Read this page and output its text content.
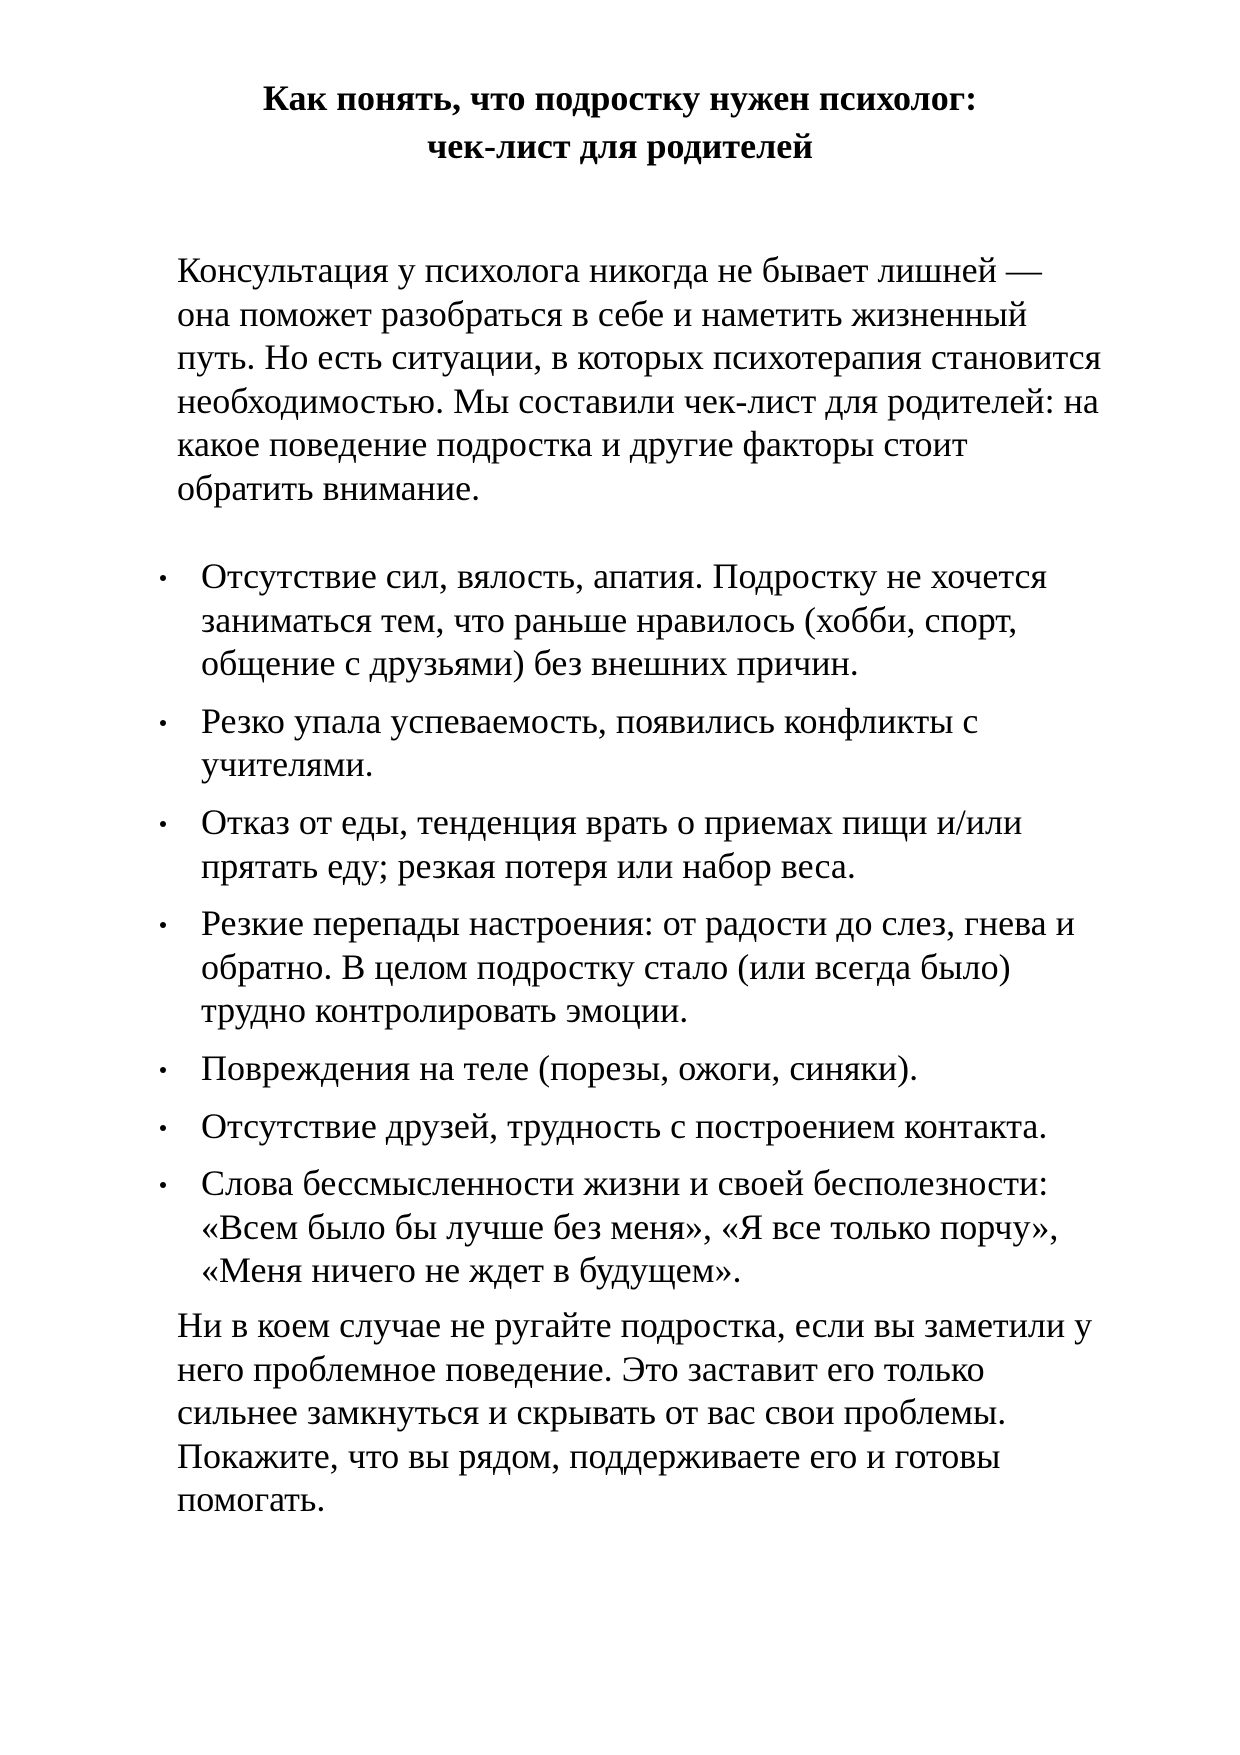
Как понять, что подростку нужен психолог:
чек-лист для родителей

Консультация у психолога никогда не бывает лишней —
она поможет разобраться в себе и наметить жизненный
путь. Но есть ситуации, в которых психотерапия становится
необходимостью. Мы составили чек-лист для родителей: на
какое поведение подростка и другие факторы стоит
обратить внимание.

Отсутствие сил, вялость, апатия. Подростку не хочется
заниматься тем, что раньше нравилось (хобби, спорт,
общение с друзьями) без внешних причин.
Резко упала успеваемость, появились конфликты с
учителями.
Отказ от еды, тенденция врать о приемах пищи и/или
прятать еду; резкая потеря или набор веса.
Резкие перепады настроения: от радости до слез, гнева и
обратно. В целом подростку стало (или всегда было)
трудно контролировать эмоции.
Повреждения на теле (порезы, ожоги, синяки).
Отсутствие друзей, трудность с построением контакта.
Слова бессмысленности жизни и своей бесполезности:
«Всем было бы лучше без меня», «Я все только порчу»,
«Меня ничего не ждет в будущем».

Ни в коем случае не ругайте подростка, если вы заметили у
него проблемное поведение. Это заставит его только
сильнее замкнуться и скрывать от вас свои проблемы.
Покажите, что вы рядом, поддерживаете его и готовы
помогать.
